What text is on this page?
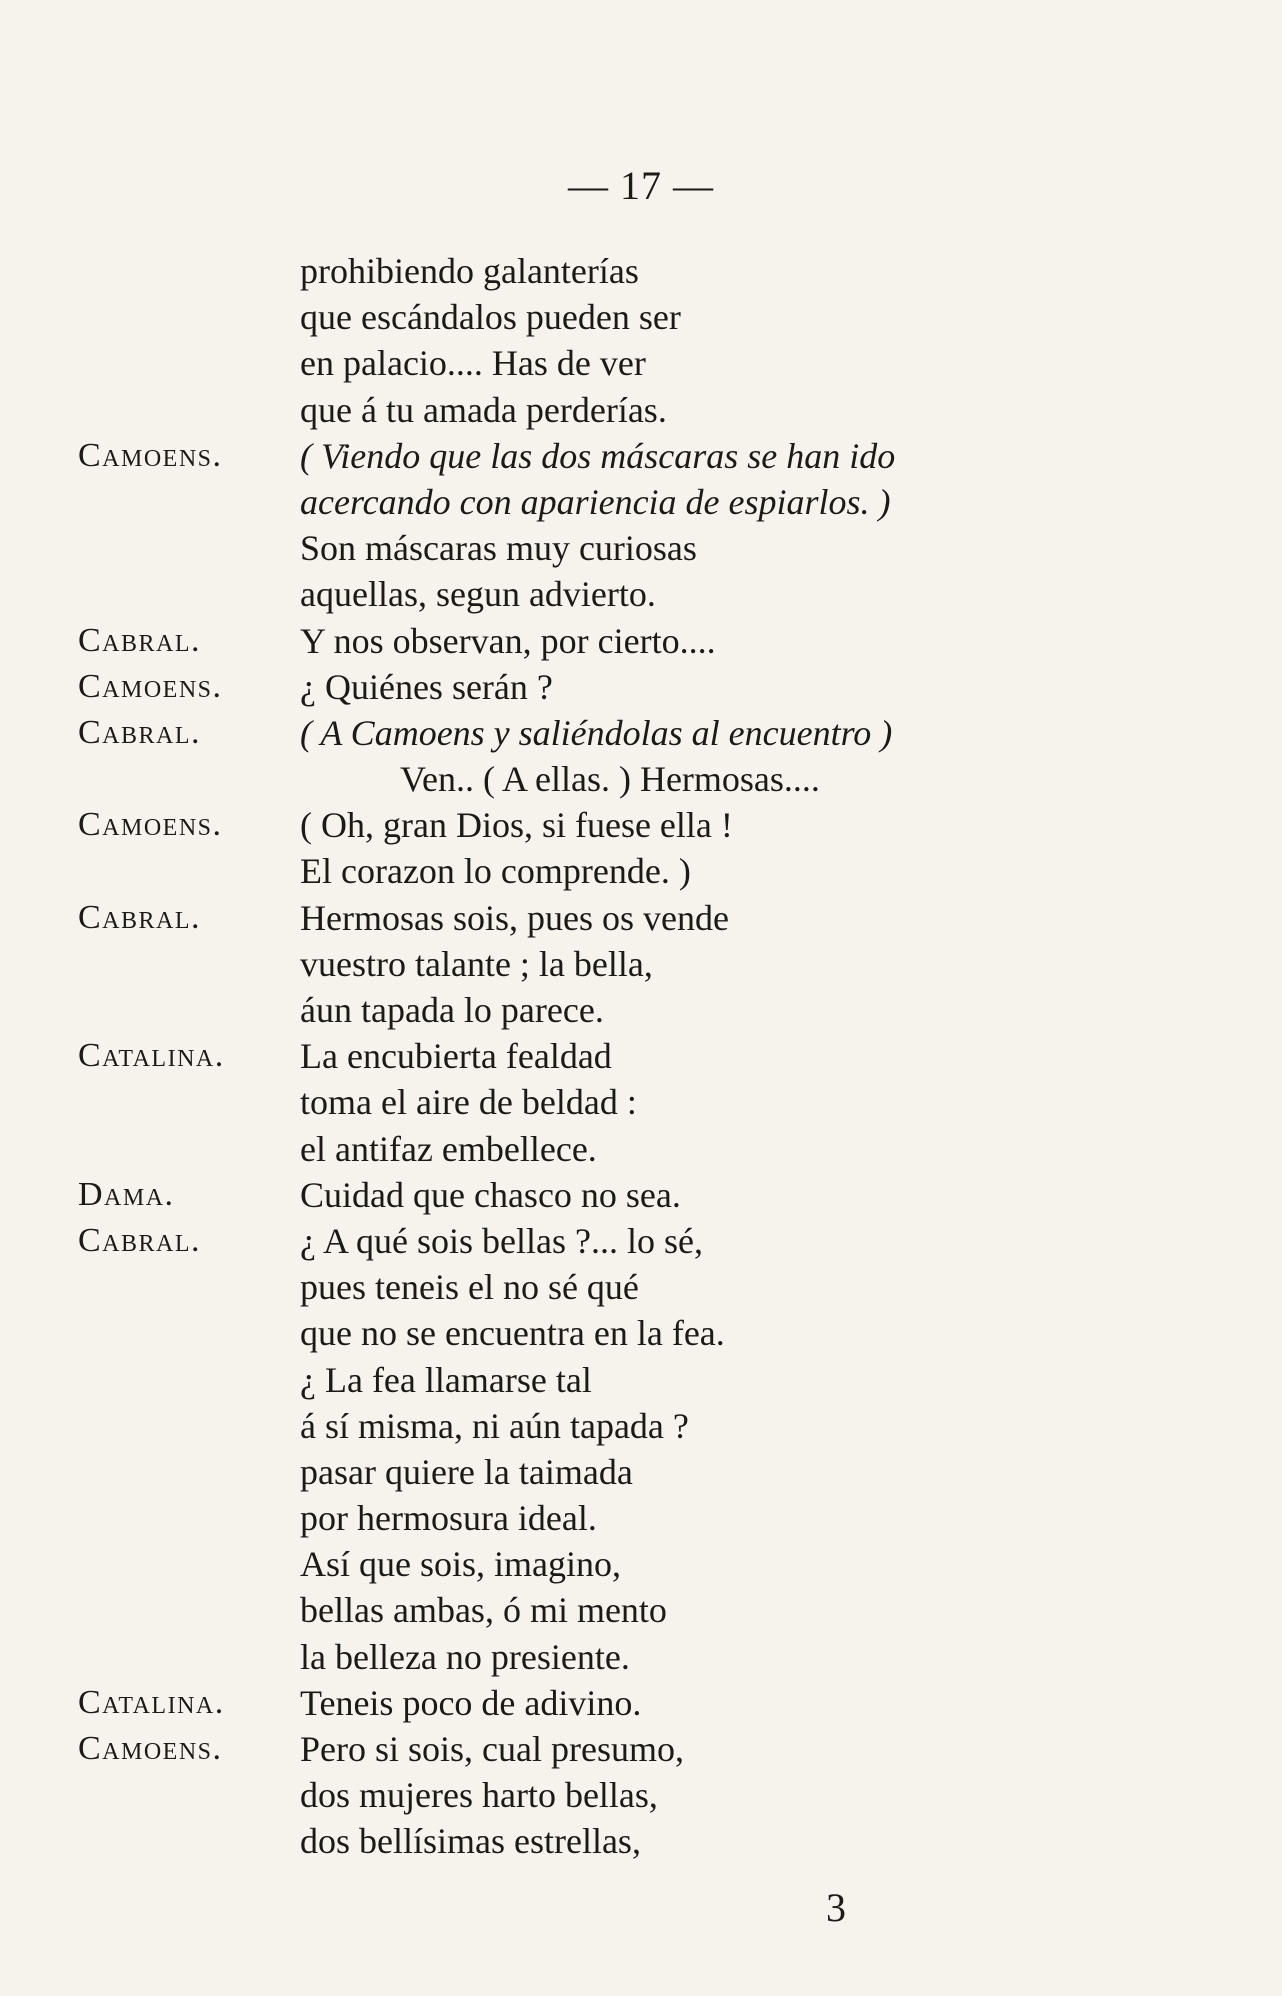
— 17 —
prohibiendo galanterías
que escándalos pueden ser
en palacio.... Has de ver
que á tu amada perderías.
Camoens. ( Viendo que las dos máscaras se han ido
acercando con apariencia de espiarlos. )
Son máscaras muy curiosas
aquellas, segun advierto.
Cabral.	Y nos observan, por cierto....
Camoens. ¿ Quiénes serán ?
Cabral.	( A Camoens y saliéndolas al encuentro )
Ven.. ( A ellas. ) Hermosas....
Camoens. ( Oh, gran Dios, si fuese ella !
El corazon lo comprende. )
Cabral.	Hermosas sois, pues os vende
vuestro talante ; la bella,
áun tapada lo parece.
Catalina. La encubierta fealdad
toma el aire de beldad :
el antifaz embellece.
Dama.	Cuidad que chasco no sea.
Cabral.	¿ A qué sois bellas ?... lo sé,
pues teneis el no sé qué
que no se encuentra en la fea.
¿ La fea llamarse tal
á sí misma, ni aún tapada ?
pasar quiere la taimada
por hermosura ideal.
Así que sois, imagino,
bellas ambas, ó mi mento
la belleza no presiente.
Catalina. Teneis poco de adivino.
Camoens. Pero si sois, cual presumo,
dos mujeres harto bellas,
dos bellísimas estrellas,
3
